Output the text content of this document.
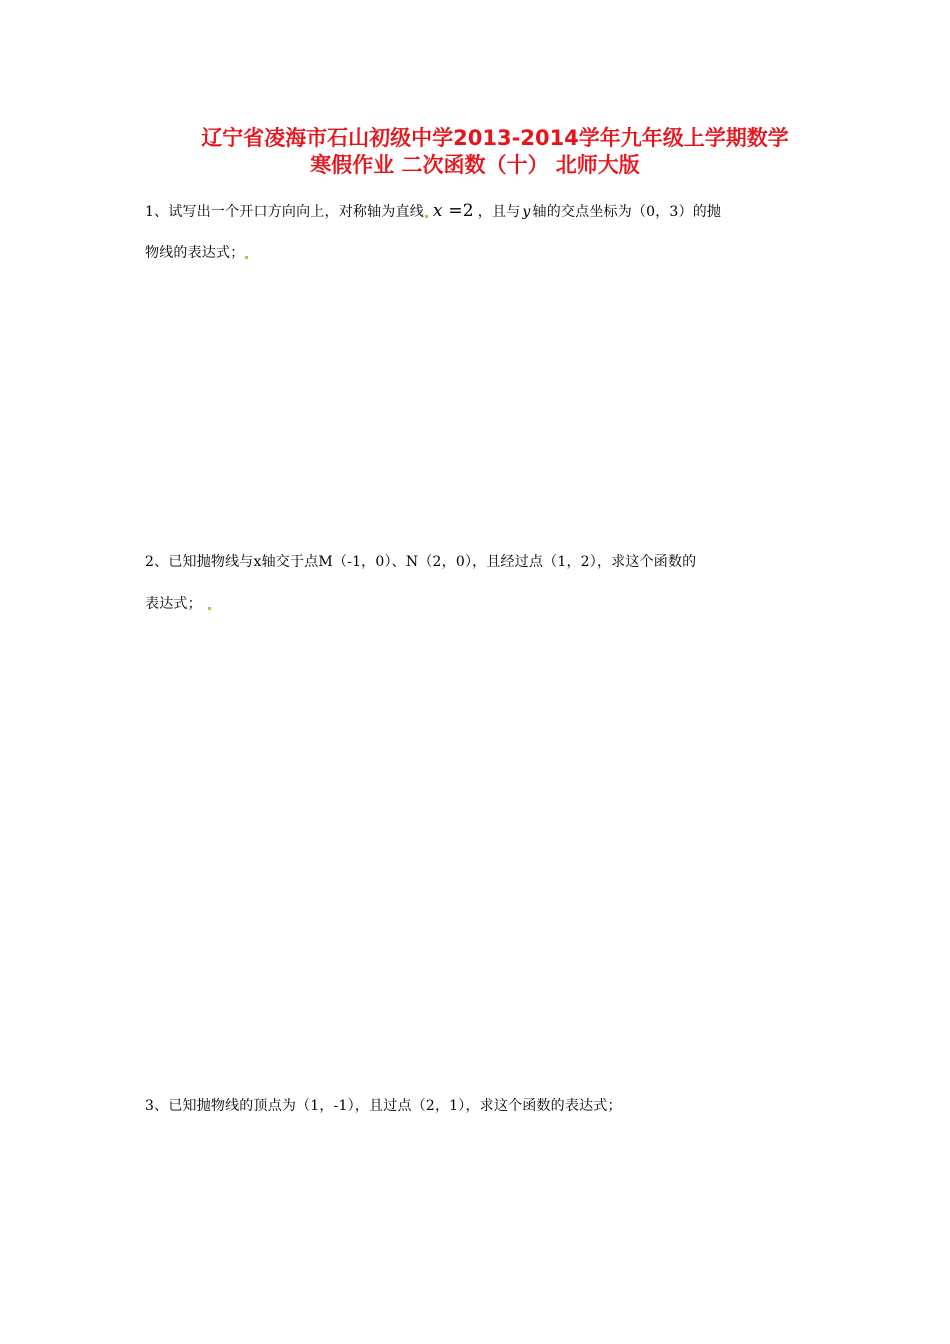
辽宁省凌海市石山初级中学2013-2014学年九年级上学期数学
寒假作业 二次函数（十） 北师大版
1、试写出一个开口方向向上，对称轴为直线 x =2 ，且与 y 轴的交点坐标为（0，3）的抛
物线的表达式；
2、已知抛物线与x轴交于点M（-1，0）、N（2，0），且经过点（1，2），求这个函数的
表达式；
3、已知抛物线的顶点为（1，-1），且过点（2，1），求这个函数的表达式；
